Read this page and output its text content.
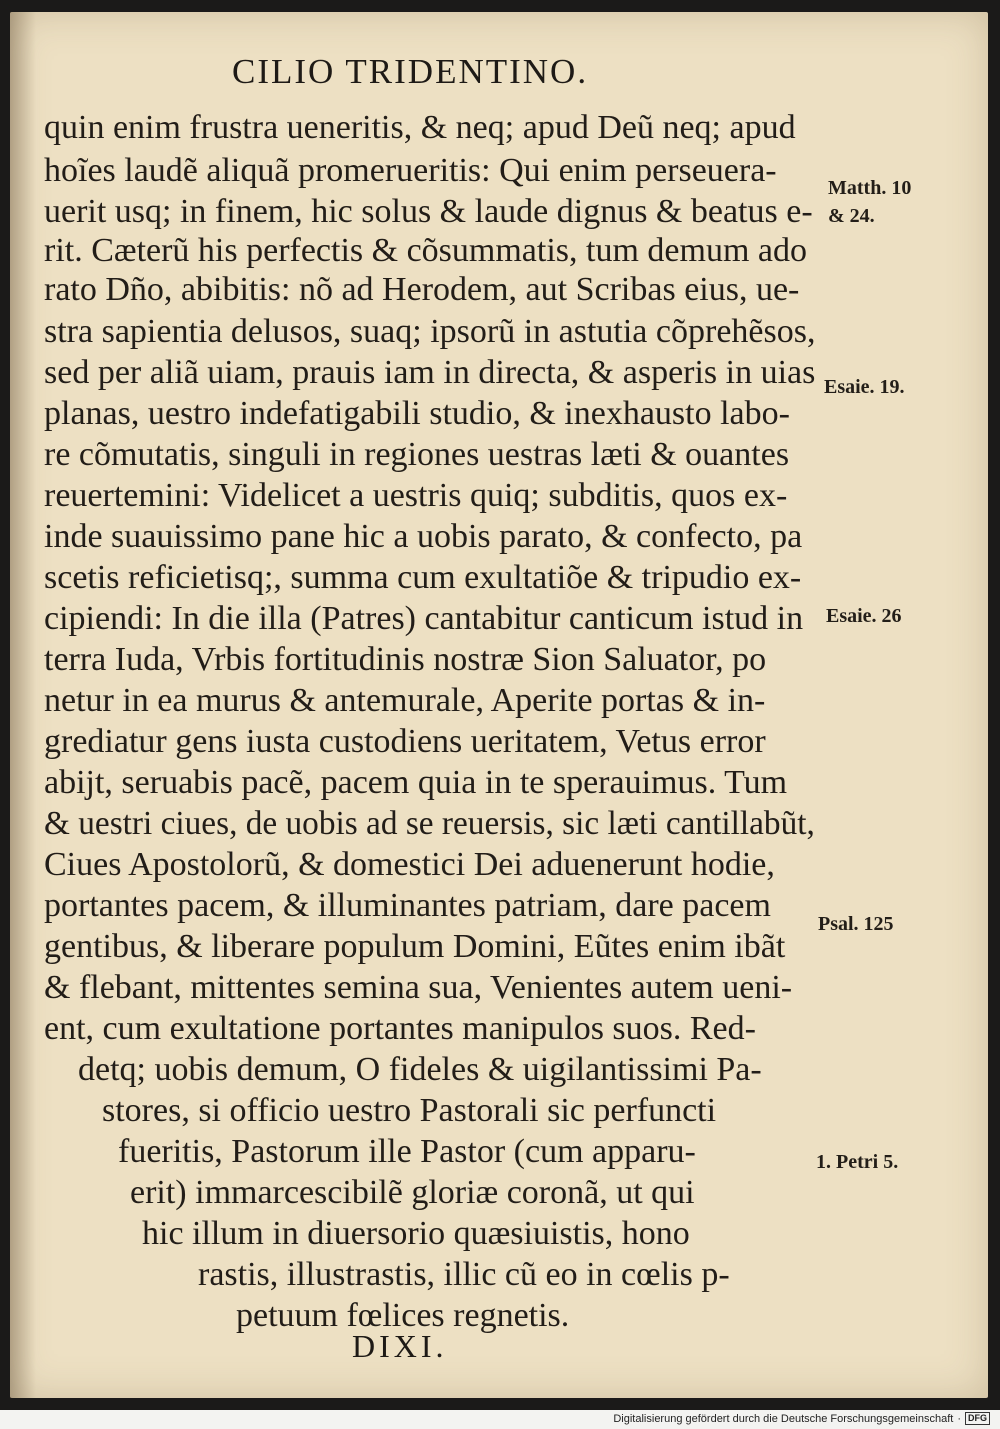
CILIO TRIDENTINO.
quin enim frustra ueneritis, & neq; apud Deũ neq; apud
hoĩes laudẽ aliquã promerueritis: Qui enim perseuera-
uerit usq; in finem, hic solus & laude dignus & beatus e-
rit. Cæterũ his perfectis & cõsummatis, tum demum ado
rato Dño, abibitis: nõ ad Herodem, aut Scribas eius, ue-
stra sapientia delusos, suaq; ipsorũ in astutia cõprehẽsos,
sed per aliã uiam, prauis iam in directa, & asperis in uias
planas, uestro indefatigabili studio, & inexhausto labo-
re cõmutatis, singuli in regiones uestras læti & ouantes
reuertemini: Videlicet a uestris quiq; subditis, quos ex-
inde suauissimo pane hic a uobis parato, & confecto, pa
scetis reficietisq;, summa cum exultatiõe & tripudio ex-
cipiendi: In die illa (Patres) cantabitur canticum istud in
terra Iuda, Vrbis fortitudinis nostræ Sion Saluator, po
netur in ea murus & antemurale, Aperite portas & in-
grediatur gens iusta custodiens ueritatem, Vetus error
abijt, seruabis pacẽ, pacem quia in te sperauimus. Tum
& uestri ciues, de uobis ad se reuersis, sic læti cantillabũt,
Ciues Apostolorũ, & domestici Dei aduenerunt hodie,
portantes pacem, & illuminantes patriam, dare pacem
gentibus, & liberare populum Domini, Eũtes enim ibãt
& flebant, mittentes semina sua, Venientes autem ueni-
ent, cum exultatione portantes manipulos suos. Red-
detq; uobis demum, O fideles & uigilantissimi Pa-
stores, si officio uestro Pastorali sic perfuncti
fueritis, Pastorum ille Pastor (cum apparu-
erit) immarcescibilẽ gloriæ coronã, ut qui
hic illum in diuersorio quæsiuistis, hono
rastis, illustrastis, illic cũ eo in cœlis p-
petuum fœlices regnetis.
Matth. 10
& 24.
Esaie. 19.
Esaie. 26
Psal. 125
1. Petri 5.
DIXI.
Digitalisierung gefördert durch die Deutsche Forschungsgemeinschaft · DFG
